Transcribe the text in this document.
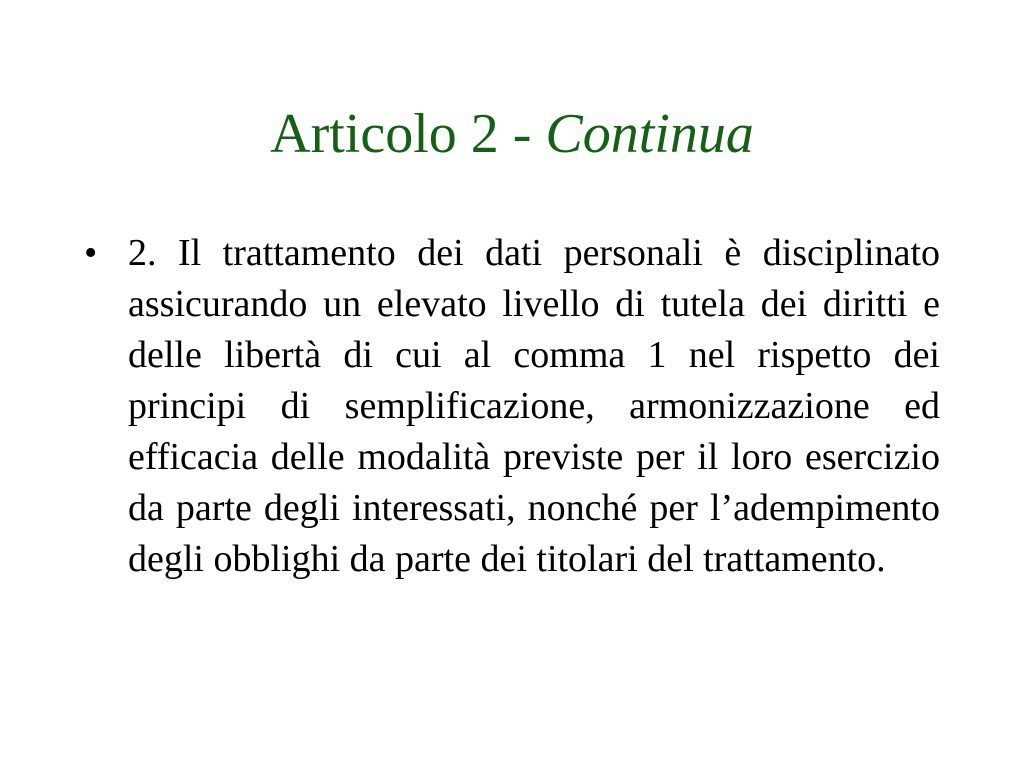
Articolo 2 - Continua
• 2. Il trattamento dei dati personali è disciplinato assicurando un elevato livello di tutela dei diritti e delle libertà di cui al comma 1 nel rispetto dei principi di semplificazione, armonizzazione ed efficacia delle modalità previste per il loro esercizio da parte degli interessati, nonché per l’adempimento degli obblighi da parte dei titolari del trattamento.
